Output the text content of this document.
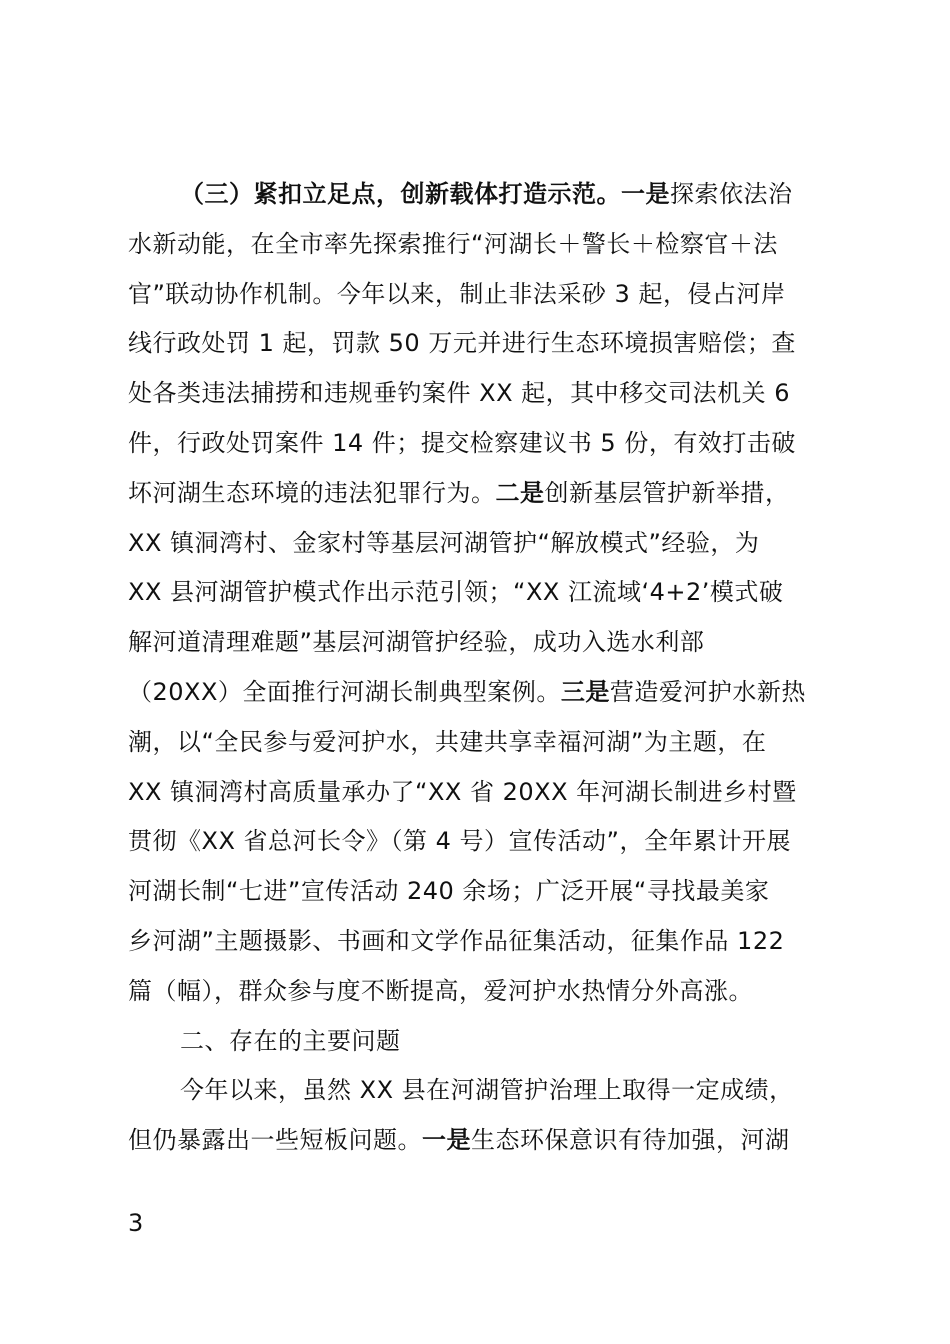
（三）紧扣立足点，创新载体打造示范。一是探索依法治
水新动能，在全市率先探索推行“河湖长＋警长＋检察官＋法
官”联动协作机制。今年以来，制止非法采砂 3 起，侵占河岸
线行政处罚 1 起，罚款 50 万元并进行生态环境损害赔偿；查
处各类违法捕捞和违规垂钓案件 XX 起，其中移交司法机关 6
件，行政处罚案件 14 件；提交检察建议书 5 份，有效打击破
坏河湖生态环境的违法犯罪行为。二是创新基层管护新举措，
XX 镇洞湾村、金家村等基层河湖管护“解放模式”经验，为
XX 县河湖管护模式作出示范引领；“XX 江流域‘4+2’模式破
解河道清理难题”基层河湖管护经验，成功入选水利部
（20XX）全面推行河湖长制典型案例。三是营造爱河护水新热
潮，以“全民参与爱河护水，共建共享幸福河湖”为主题，在
XX 镇洞湾村高质量承办了“XX 省 20XX 年河湖长制进乡村暨
贯彻《XX 省总河长令》（第 4 号）宣传活动”，全年累计开展
河湖长制“七进”宣传活动 240 余场；广泛开展“寻找最美家
乡河湖”主题摄影、书画和文学作品征集活动，征集作品 122
篇（幅），群众参与度不断提高，爱河护水热情分外高涨。
二、存在的主要问题
今年以来，虽然 XX 县在河湖管护治理上取得一定成绩，
但仍暴露出一些短板问题。一是生态环保意识有待加强，河湖
3
